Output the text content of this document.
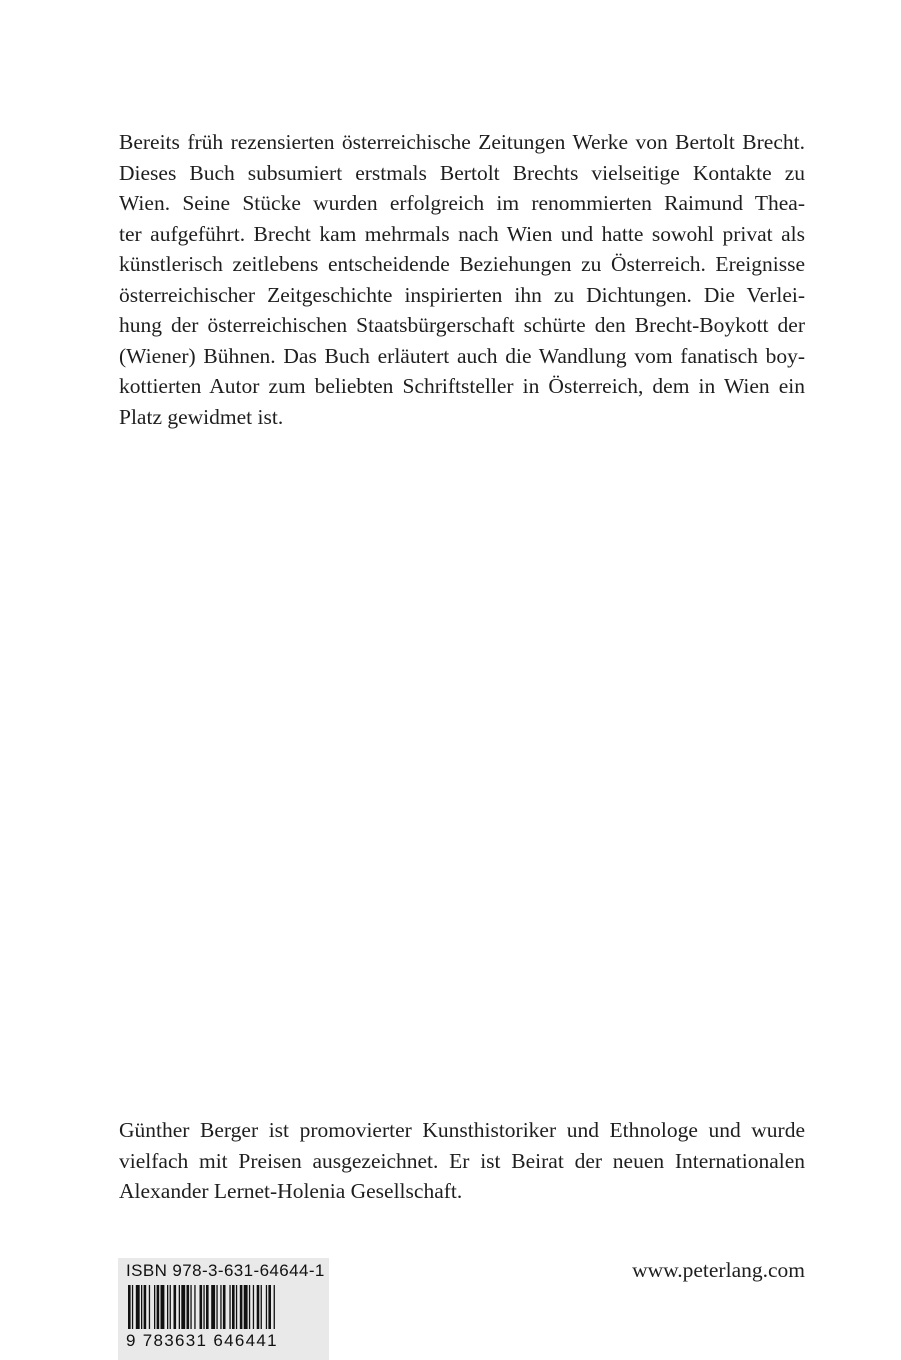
Bereits früh rezensierten österreichische Zeitungen Werke von Bertolt Brecht.
Dieses Buch subsumiert erstmals Bertolt Brechts vielseitige Kontakte zu
Wien. Seine Stücke wurden erfolgreich im renommierten Raimund Thea-
ter aufgeführt. Brecht kam mehrmals nach Wien und hatte sowohl privat als
künstlerisch zeitlebens entscheidende Beziehungen zu Österreich. Ereignisse
österreichischer Zeitgeschichte inspirierten ihn zu Dichtungen. Die Verlei-
hung der österreichischen Staatsbürgerschaft schürte den Brecht-Boykott der
(Wiener) Bühnen. Das Buch erläutert auch die Wandlung vom fanatisch boy-
kottierten Autor zum beliebten Schriftsteller in Österreich, dem in Wien ein
Platz gewidmet ist.
Günther Berger ist promovierter Kunsthistoriker und Ethnologe und wurde
vielfach mit Preisen ausgezeichnet. Er ist Beirat der neuen Internationalen
Alexander Lernet-Holenia Gesellschaft.
ISBN 978-3-631-64644-1
9 783631 646441
www.peterlang.com
